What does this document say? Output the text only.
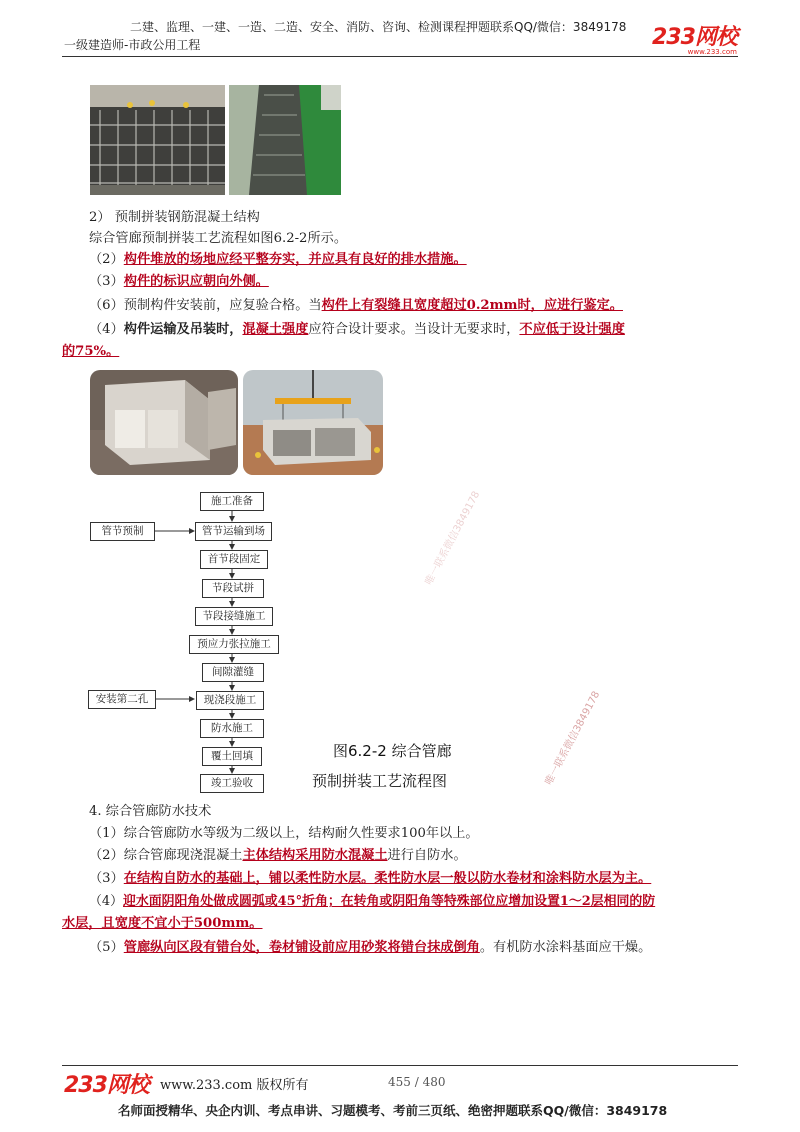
二建、监理、一建、一造、二造、安全、消防、咨询、检测课程押题联系QQ/微信：3849178
一级建造师-市政公用工程	233网校
www.233.com
2） 预制拼装钢筋混凝土结构
综合管廊预制拼装工艺流程如图6.2-2所示。
（2）构件堆放的场地应经平整夯实，并应具有良好的排水措施。
（3）构件的标识应朝向外侧。
（6）预制构件安装前，应复验合格。当构件上有裂缝且宽度超过0.2mm时，应进行鉴定。
（4）构件运输及吊装时，混凝土强度应符合设计要求。当设计无要求时，不应低于设计强度
的75%。
施工准备
管节运输到场
首节段固定
节段试拼
节段接缝施工
预应力张拉施工
间隙灌缝
现浇段施工
防水施工
覆土回填
竣工验收
管节预制
安装第二孔
图6.2-2 综合管廊
预制拼装工艺流程图	唯一联系微信3849178
唯一联系微信3849178
4. 综合管廊防水技术
（1）综合管廊防水等级为二级以上，结构耐久性要求100年以上。
（2）综合管廊现浇混凝土主体结构采用防水混凝土进行自防水。
（3）在结构自防水的基础上，铺以柔性防水层。柔性防水层一般以防水卷材和涂料防水层为主。
（4）迎水面阴阳角处做成圆弧或45°折角；在转角或阴阳角等特殊部位应增加设置1～2层相同的防
水层，且宽度不宜小于500mm。
（5）管廊纵向区段有错台处，卷材铺设前应用砂浆将错台抹成倒角。有机防水涂料基面应干燥。
233网校 www.233.com 版权所有	455 / 480
名师面授精华、央企内训、考点串讲、习题模考、考前三页纸、绝密押题联系QQ/微信：3849178
